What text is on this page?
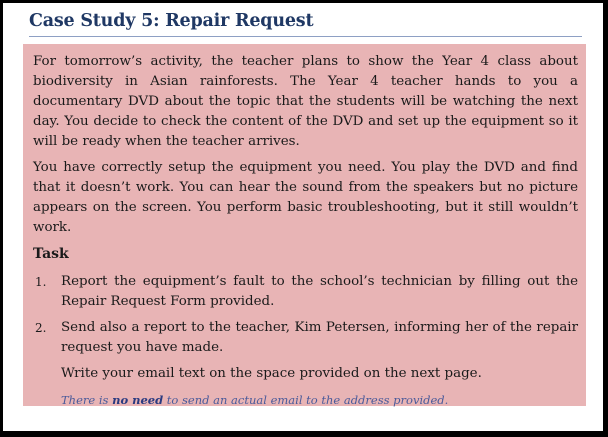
Case Study 5: Repair Request

For tomorrow’s activity, the teacher plans to show the Year 4 class about biodiversity in Asian rainforests. The Year 4 teacher hands to you a documentary DVD about the topic that the students will be watching the next day. You decide to check the content of the DVD and set up the equipment so it will be ready when the teacher arrives.

You have correctly setup the equipment you need. You play the DVD and find that it doesn’t work. You can hear the sound from the speakers but no picture appears on the screen. You perform basic troubleshooting, but it still wouldn’t work.

Task
1. Report the equipment’s fault to the school’s technician by filling out the Repair Request Form provided.
2. Send also a report to the teacher, Kim Petersen, informing her of the repair request you have made.
Write your email text on the space provided on the next page.
There is no need to send an actual email to the address provided.
